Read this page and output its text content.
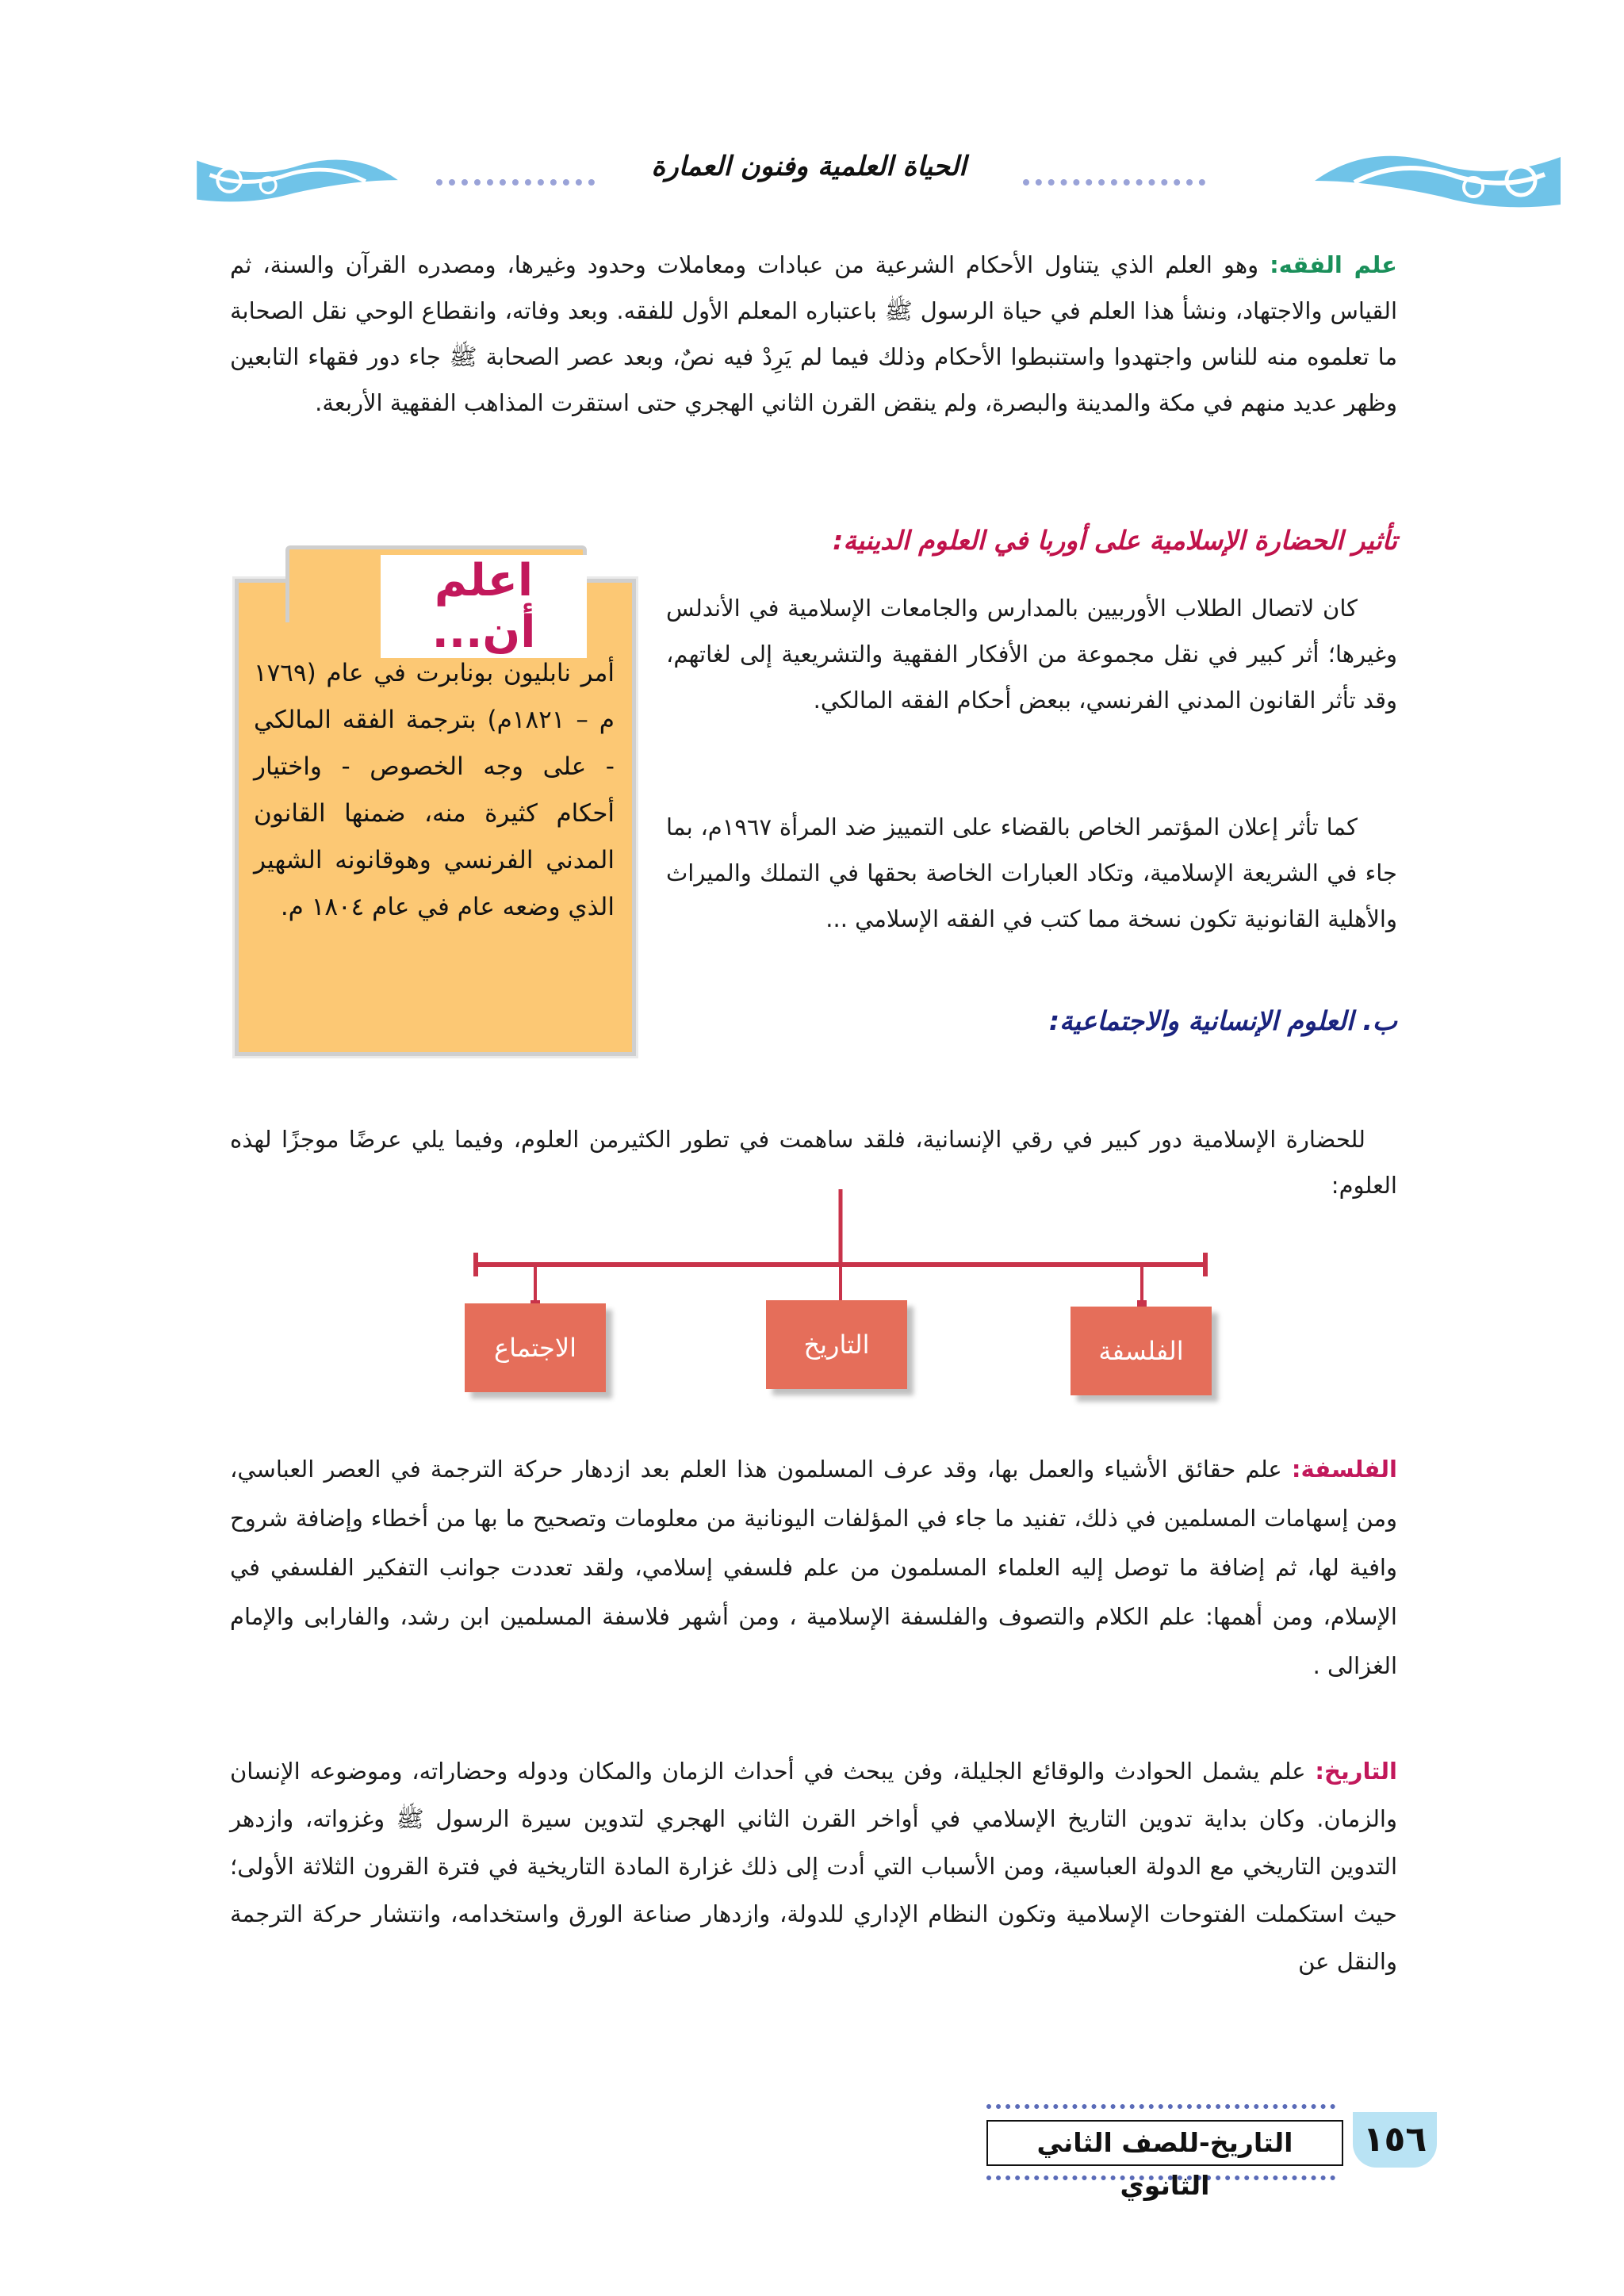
الحياة العلمية وفنون العمارة
علم الفقه: وهو العلم الذي يتناول الأحكام الشرعية من عبادات ومعاملات وحدود وغيرها، ومصدره القرآن والسنة، ثم القياس والاجتهاد، ونشأ هذا العلم في حياة الرسول ﷺ باعتباره المعلم الأول للفقه. وبعد وفاته، وانقطاع الوحي نقل الصحابة ما تعلموه منه للناس واجتهدوا واستنبطوا الأحكام وذلك فيما لم يَرِدْ فيه نصٌ، وبعد عصر الصحابة ﷺ جاء دور فقهاء التابعين وظهر عديد منهم في مكة والمدينة والبصرة، ولم ينقض القرن الثاني الهجري حتى استقرت المذاهب الفقهية الأربعة.
تأثير الحضارة الإسلامية على أوربا في العلوم الدينية:
كان لاتصال الطلاب الأوربيين بالمدارس والجامعات الإسلامية في الأندلس وغيرها؛ أثر كبير في نقل مجموعة من الأفكار الفقهية والتشريعية إلى لغاتهم، وقد تأثر القانون المدني الفرنسي، ببعض أحكام الفقه المالكي.
كما تأثر إعلان المؤتمر الخاص بالقضاء على التمييز ضد المرأة ١٩٦٧م، بما جاء في الشريعة الإسلامية، وتكاد العبارات الخاصة بحقها في التملك والميراث والأهلية القانونية تكون نسخة مما كتب في الفقه الإسلامي ...
اعلم أن...
أمر نابليون بونابرت في عام (١٧٦٩ م – ١٨٢١م) بترجمة الفقه المالكي - على وجه الخصوص - واختيار أحكام كثيرة منه، ضمنها القانون المدني الفرنسي وهوقانونه الشهير الذي وضعه عام في عام ١٨٠٤ م.
ب. العلوم الإنسانية والاجتماعية:
للحضارة الإسلامية دور كبير في رقي الإنسانية، فلقد ساهمت في تطور الكثيرمن العلوم، وفيما يلي عرضًا موجزًا لهذه العلوم:
الفلسفة
التاريخ
الاجتماع
الفلسفة: علم حقائق الأشياء والعمل بها، وقد عرف المسلمون هذا العلم بعد ازدهار حركة الترجمة في العصر العباسي، ومن إسهامات المسلمين في ذلك، تفنيد ما جاء في المؤلفات اليونانية من معلومات وتصحيح ما بها من أخطاء وإضافة شروح وافية لها، ثم إضافة ما توصل إليه العلماء المسلمون من علم فلسفي إسلامي، ولقد تعددت جوانب التفكير الفلسفي في الإسلام، ومن أهمها: علم الكلام والتصوف والفلسفة الإسلامية ، ومن أشهر فلاسفة المسلمين ابن رشد، والفارابى والإمام الغزالى .
التاريخ: علم يشمل الحوادث والوقائع الجليلة، وفن يبحث في أحداث الزمان والمكان ودوله وحضاراته، وموضوعه الإنسان والزمان. وكان بداية تدوين التاريخ الإسلامي في أواخر القرن الثاني الهجري لتدوين سيرة الرسول ﷺ وغزواته، وازدهر التدوين التاريخي مع الدولة العباسية، ومن الأسباب التي أدت إلى ذلك غزارة المادة التاريخية في فترة القرون الثلاثة الأولى؛ حيث استكملت الفتوحات الإسلامية وتكون النظام الإداري للدولة، وازدهار صناعة الورق واستخدامه، وانتشار حركة الترجمة والنقل عن
التاريخ-للصف الثاني الثانوي
١٥٦
